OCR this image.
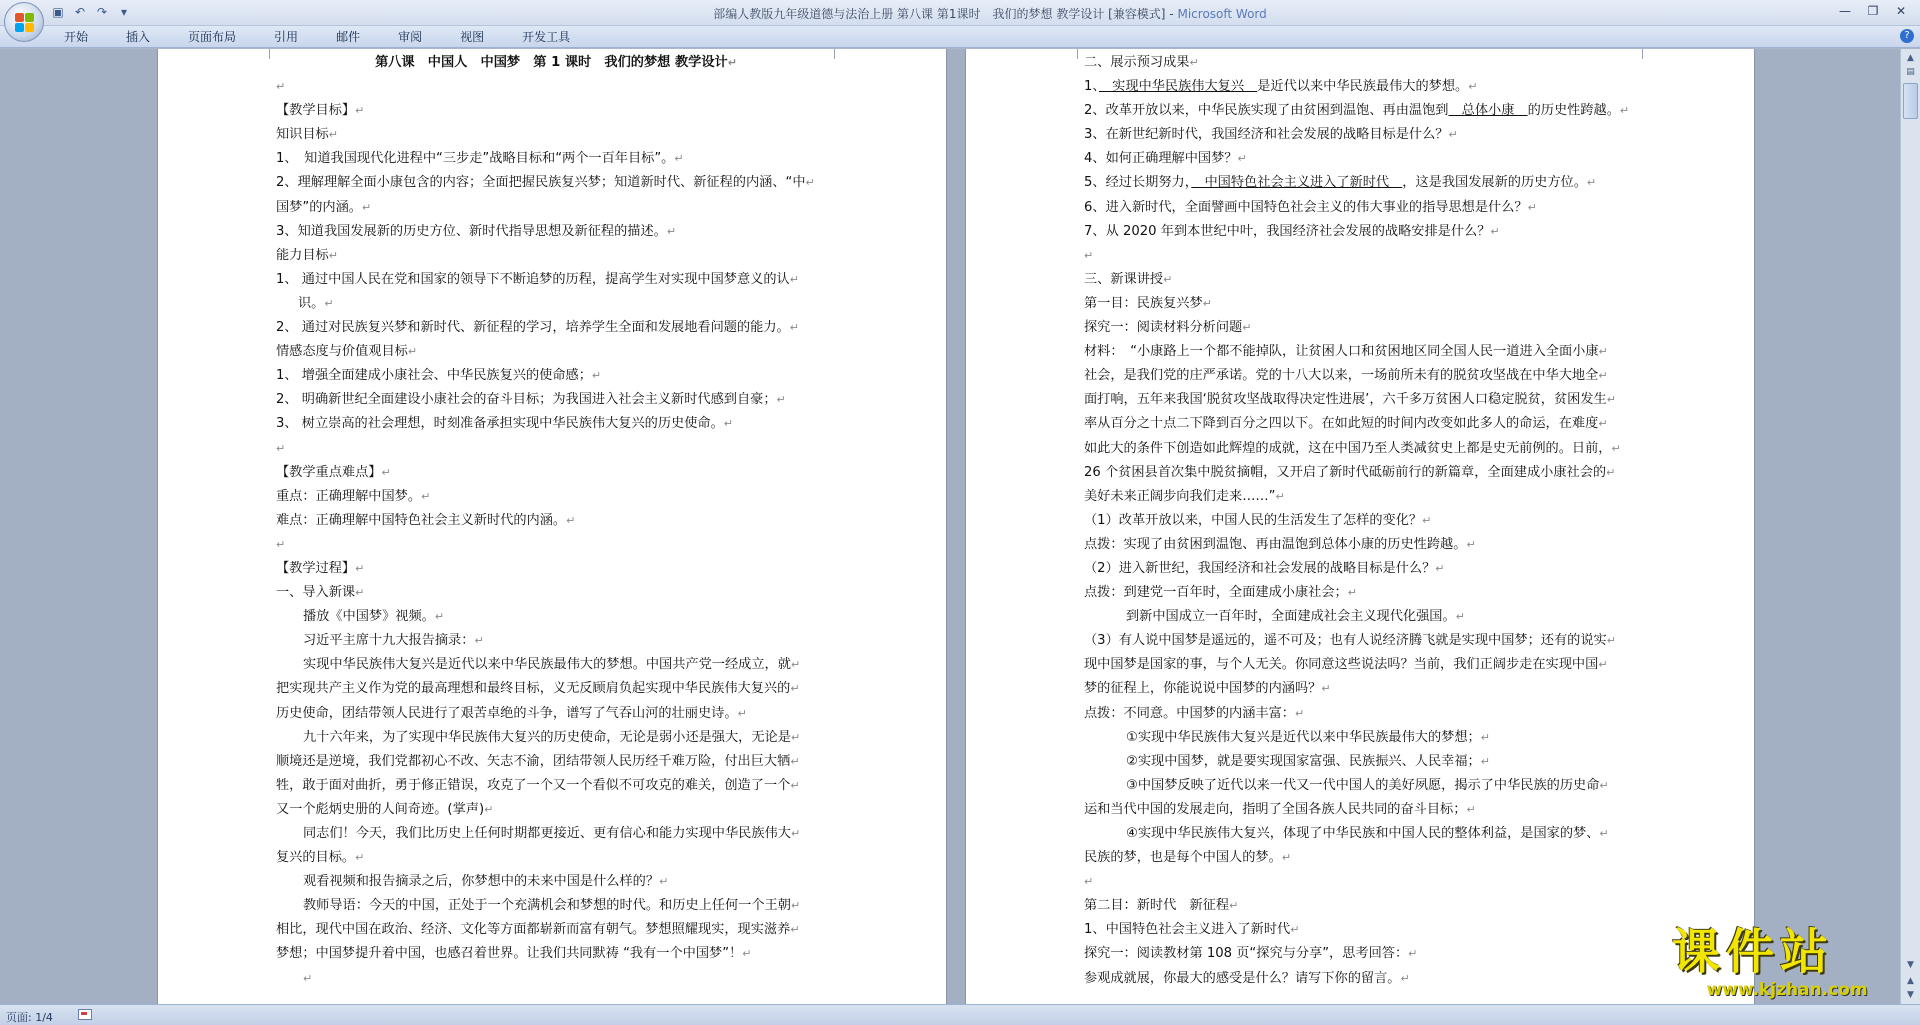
▣ ↶ ↷	▾	部编人教版九年级道德与法治上册 第八课 第1课时　我们的梦想 教学设计 [兼容模式] - Microsoft Word	—	❐	✕
开始	插入	页面布局	引用	邮件	审阅	视图	开发工具	?
第八课　中国人　中国梦　第 1 课时　我们的梦想 教学设计↵
↵
【教学目标】↵
知识目标↵
1、　知道我国现代化进程中“三步走”战略目标和“两个一百年目标”。↵
2、理解理解全面小康包含的内容；全面把握民族复兴梦；知道新时代、新征程的内涵、“中↵
国梦”的内涵。↵
3、知道我国发展新的历史方位、新时代指导思想及新征程的描述。↵
能力目标↵
1、 通过中国人民在党和国家的领导下不断追梦的历程，提高学生对实现中国梦意义的认↵
识。↵
2、 通过对民族复兴梦和新时代、新征程的学习，培养学生全面和发展地看问题的能力。↵
情感态度与价值观目标↵
1、 增强全面建成小康社会、中华民族复兴的使命感；↵
2、 明确新世纪全面建设小康社会的奋斗目标；为我国进入社会主义新时代感到自豪；↵
3、 树立崇高的社会理想，时刻准备承担实现中华民族伟大复兴的历史使命。↵
↵
【教学重点难点】↵
重点：正确理解中国梦。↵
难点：正确理解中国特色社会主义新时代的内涵。↵
↵
【教学过程】↵
一、导入新课↵
播放《中国梦》视频。↵
习近平主席十九大报告摘录：↵
实现中华民族伟大复兴是近代以来中华民族最伟大的梦想。中国共产党一经成立，就↵
把实现共产主义作为党的最高理想和最终目标，义无反顾肩负起实现中华民族伟大复兴的↵
历史使命，团结带领人民进行了艰苦卓绝的斗争，谱写了气吞山河的壮丽史诗。↵
九十六年来，为了实现中华民族伟大复兴的历史使命，无论是弱小还是强大，无论是↵
顺境还是逆境，我们党都初心不改、矢志不渝，团结带领人民历经千难万险，付出巨大牺↵
牲，敢于面对曲折，勇于修正错误，攻克了一个又一个看似不可攻克的难关，创造了一个↵
又一个彪炳史册的人间奇迹。(掌声)↵
同志们！今天，我们比历史上任何时期都更接近、更有信心和能力实现中华民族伟大↵
复兴的目标。↵
观看视频和报告摘录之后，你梦想中的未来中国是什么样的？↵
教师导语：今天的中国，正处于一个充满机会和梦想的时代。和历史上任何一个王朝↵
相比，现代中国在政治、经济、文化等方面都崭新而富有朝气。梦想照耀现实，现实滋养↵
梦想；中国梦提升着中国，也感召着世界。让我们共同默祷 “我有一个中国梦”！↵
↵
二、展示预习成果↵
1、　实现中华民族伟大复兴　是近代以来中华民族最伟大的梦想。↵
2、改革开放以来，中华民族实现了由贫困到温饱、再由温饱到　总体小康　的历史性跨越。↵
3、在新世纪新时代，我国经济和社会发展的战略目标是什么？↵
4、如何正确理解中国梦？↵
5、经过长期努力，　中国特色社会主义进入了新时代　，这是我国发展新的历史方位。↵
6、进入新时代，全面譬画中国特色社会主义的伟大事业的指导思想是什么？↵
7、从 2020 年到本世纪中叶，我国经济社会发展的战略安排是什么？↵
↵
三、新课讲授↵
第一目：民族复兴梦↵
探究一：阅读材料分析问题↵
材料：　“小康路上一个都不能掉队，让贫困人口和贫困地区同全国人民一道进入全面小康↵
社会，是我们党的庄严承诺。党的十八大以来，一场前所未有的脱贫攻坚战在中华大地全↵
面打响，五年来我国‘脱贫攻坚战取得决定性进展’，六千多万贫困人口稳定脱贫，贫困发生↵
率从百分之十点二下降到百分之四以下。在如此短的时间内改变如此多人的命运，在难度↵
如此大的条件下创造如此辉煌的成就，这在中国乃至人类减贫史上都是史无前例的。日前，↵
26 个贫困县首次集中脱贫摘帽，又开启了新时代砥砺前行的新篇章，全面建成小康社会的↵
美好未来正阔步向我们走来……”↵
（1）改革开放以来，中国人民的生活发生了怎样的变化？↵
点拨：实现了由贫困到温饱、再由温饱到总体小康的历史性跨越。↵
（2）进入新世纪，我国经济和社会发展的战略目标是什么？↵
点拨：到建党一百年时，全面建成小康社会；↵
到新中国成立一百年时，全面建成社会主义现代化强国。↵
（3）有人说中国梦是遥远的，遥不可及；也有人说经济腾飞就是实现中国梦；还有的说实↵
现中国梦是国家的事，与个人无关。你同意这些说法吗？当前，我们正阔步走在实现中国↵
梦的征程上，你能说说中国梦的内涵吗？↵
点拨：不同意。中国梦的内涵丰富：↵
①实现中华民族伟大复兴是近代以来中华民族最伟大的梦想；↵
②实现中国梦，就是要实现国家富强、民族振兴、人民幸福；↵
③中国梦反映了近代以来一代又一代中国人的美好夙愿，揭示了中华民族的历史命↵
运和当代中国的发展走向，指明了全国各族人民共同的奋斗目标；↵
④实现中华民族伟大复兴，体现了中华民族和中国人民的整体利益，是国家的梦、↵
民族的梦，也是每个中国人的梦。↵
↵
第二目：新时代　新征程↵
1、中国特色社会主义进入了新时代↵
探究一：阅读教材第 108 页“探究与分享”，思考回答：↵
参观成就展，你最大的感受是什么？请写下你的留言。↵
▲
▤
▼
▲
▼
页面: 1/4
课件站
www.kjzhan.com
